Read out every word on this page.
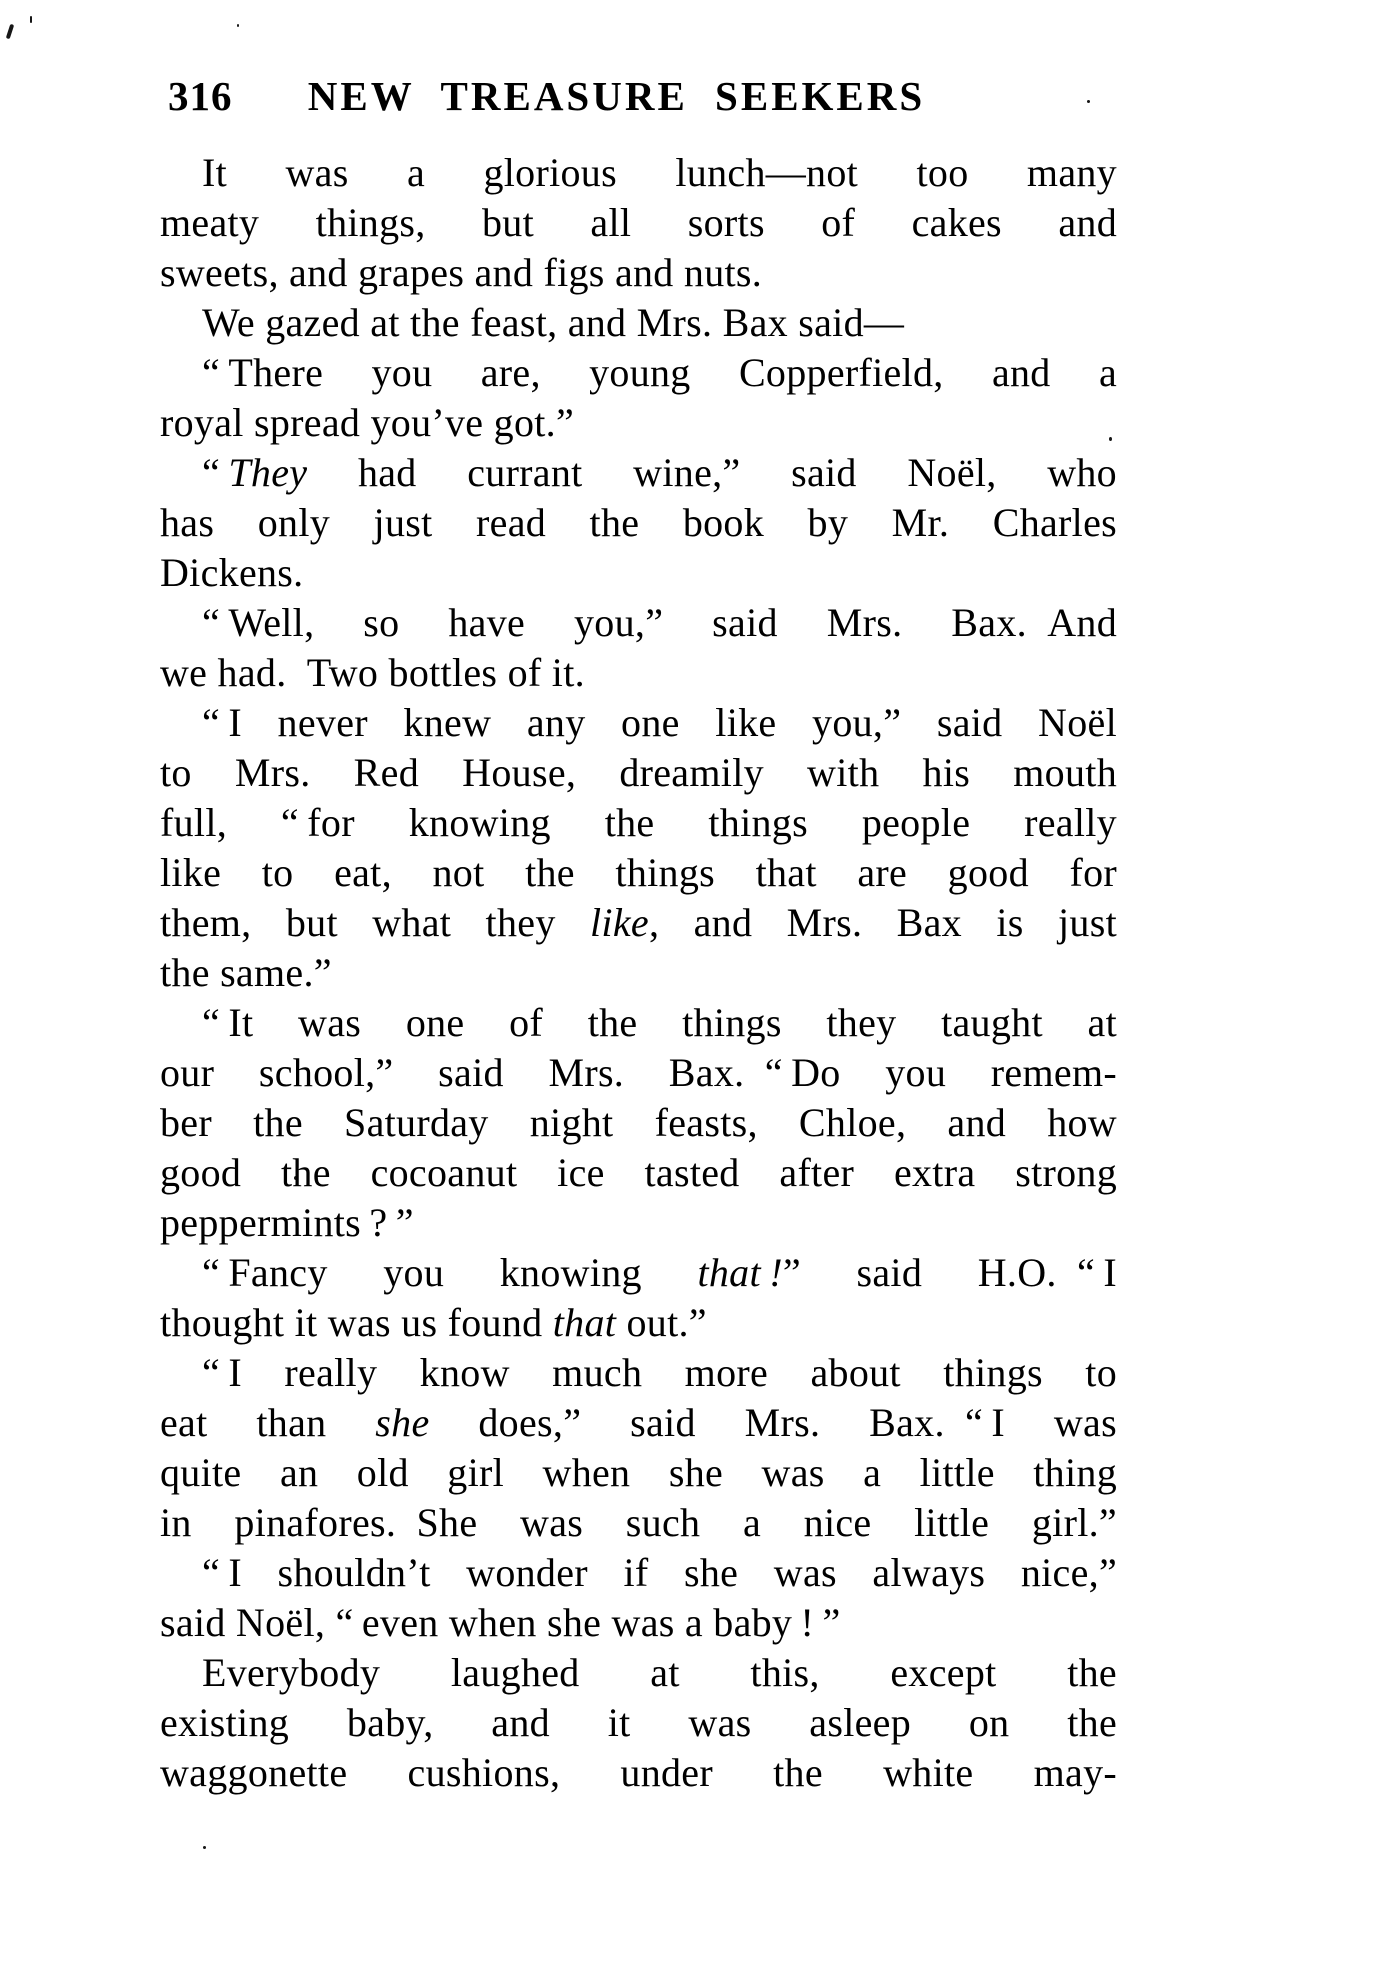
316	NEW TREASURE SEEKERS
It was a glorious lunch—not too many
meaty things, but all sorts of cakes and
sweets, and grapes and figs and nuts.
We gazed at the feast, and Mrs. Bax said—
“ There you are, young Copperfield, and a
royal spread you’ve got.”
“ They had currant wine,” said Noël, who
has only just read the book by Mr. Charles
Dickens.
“ Well, so have you,” said Mrs. Bax. And
we had. Two bottles of it.
“ I never knew any one like you,” said Noël
to Mrs. Red House, dreamily with his mouth
full, “ for knowing the things people really
like to eat, not the things that are good for
them, but what they like, and Mrs. Bax is just
the same.”
“ It was one of the things they taught at
our school,” said Mrs. Bax. “ Do you remem-
ber the Saturday night feasts, Chloe, and how
good the cocoanut ice tasted after extra strong
peppermints ? ”
“ Fancy you knowing that !” said H.O. “ I
thought it was us found that out.”
“ I really know much more about things to
eat than she does,” said Mrs. Bax. “ I was
quite an old girl when she was a little thing
in pinafores. She was such a nice little girl.”
“ I shouldn’t wonder if she was always nice,”
said Noël, “ even when she was a baby ! ”
Everybody laughed at this, except the
existing baby, and it was asleep on the
waggonette cushions, under the white may-
